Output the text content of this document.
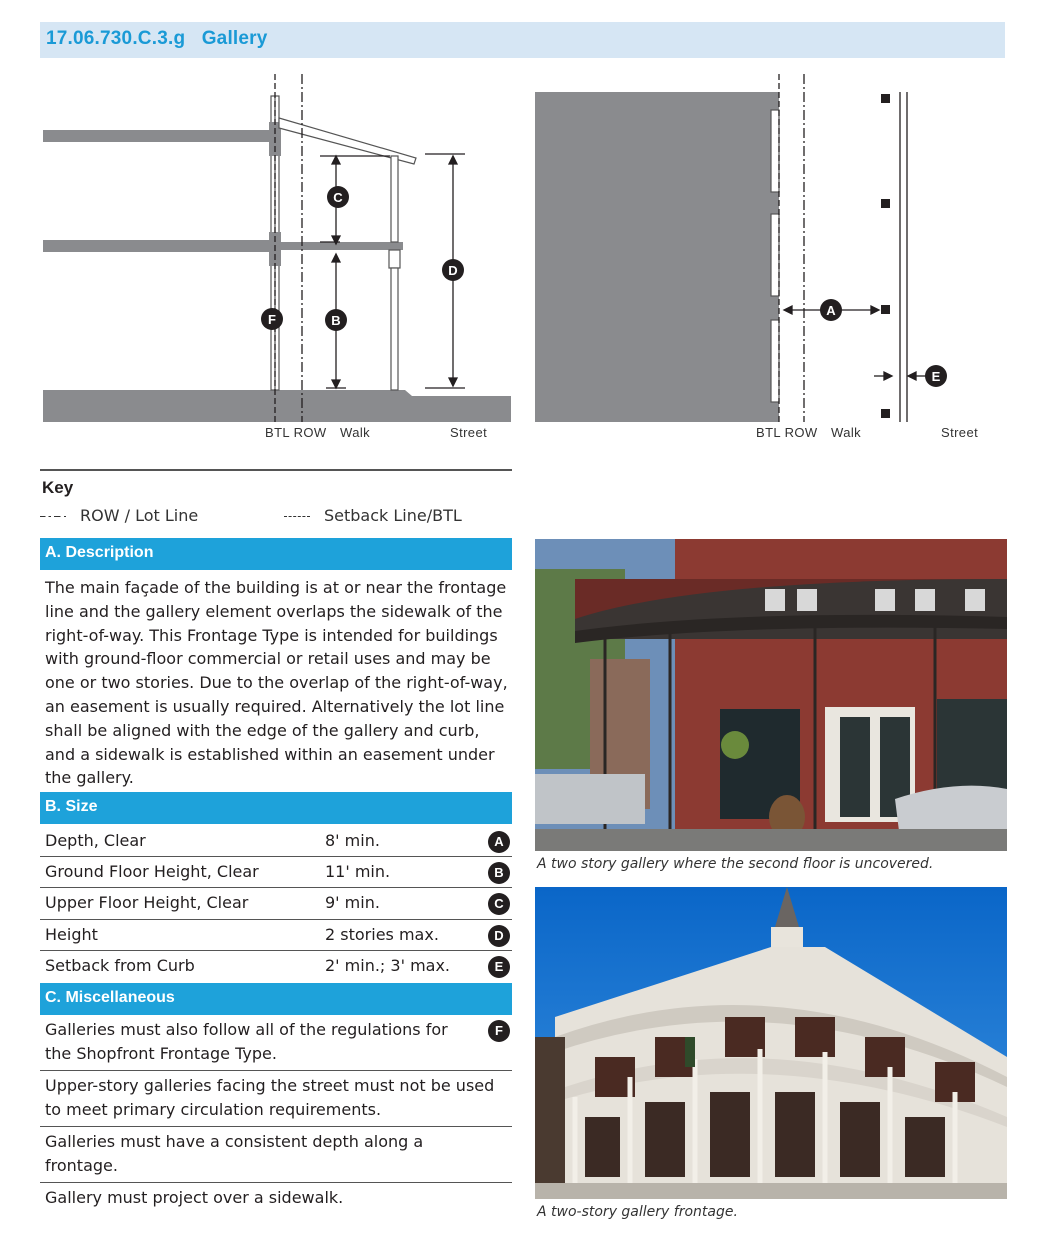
17.06.730.C.3.g   Gallery
C
B
D
F
BTL ROW Walk	Street
A
E
BTL ROW Walk	Street
Key
ROW / Lot Line	Setback Line/BTL
A. Description
The main façade of the building is at or near the frontage line and the gallery element overlaps the sidewalk of the right-of-way. This Frontage Type is intended for buildings with ground-floor commercial or retail uses and may be one or two stories. Due to the overlap of the right-of-way, an easement is usually required. Alternatively the lot line shall be aligned with the edge of the gallery and curb, and a sidewalk is established within an easement under the gallery.
B. Size
Depth, Clear	8' min.	A
Ground Floor Height, Clear	11' min.	B
Upper Floor Height, Clear	9' min.	C
Height	2 stories max.	D
Setback from Curb	2' min.; 3' max.	E
C. Miscellaneous
Galleries must also follow all of the regulations for the Shopfront Frontage Type.
F
Upper-story galleries facing the street must not be used to meet primary circulation requirements.
Galleries must have a consistent depth along a frontage.
Gallery must project over a sidewalk.
A two story gallery where the second floor is uncovered.
A two-story gallery frontage.
